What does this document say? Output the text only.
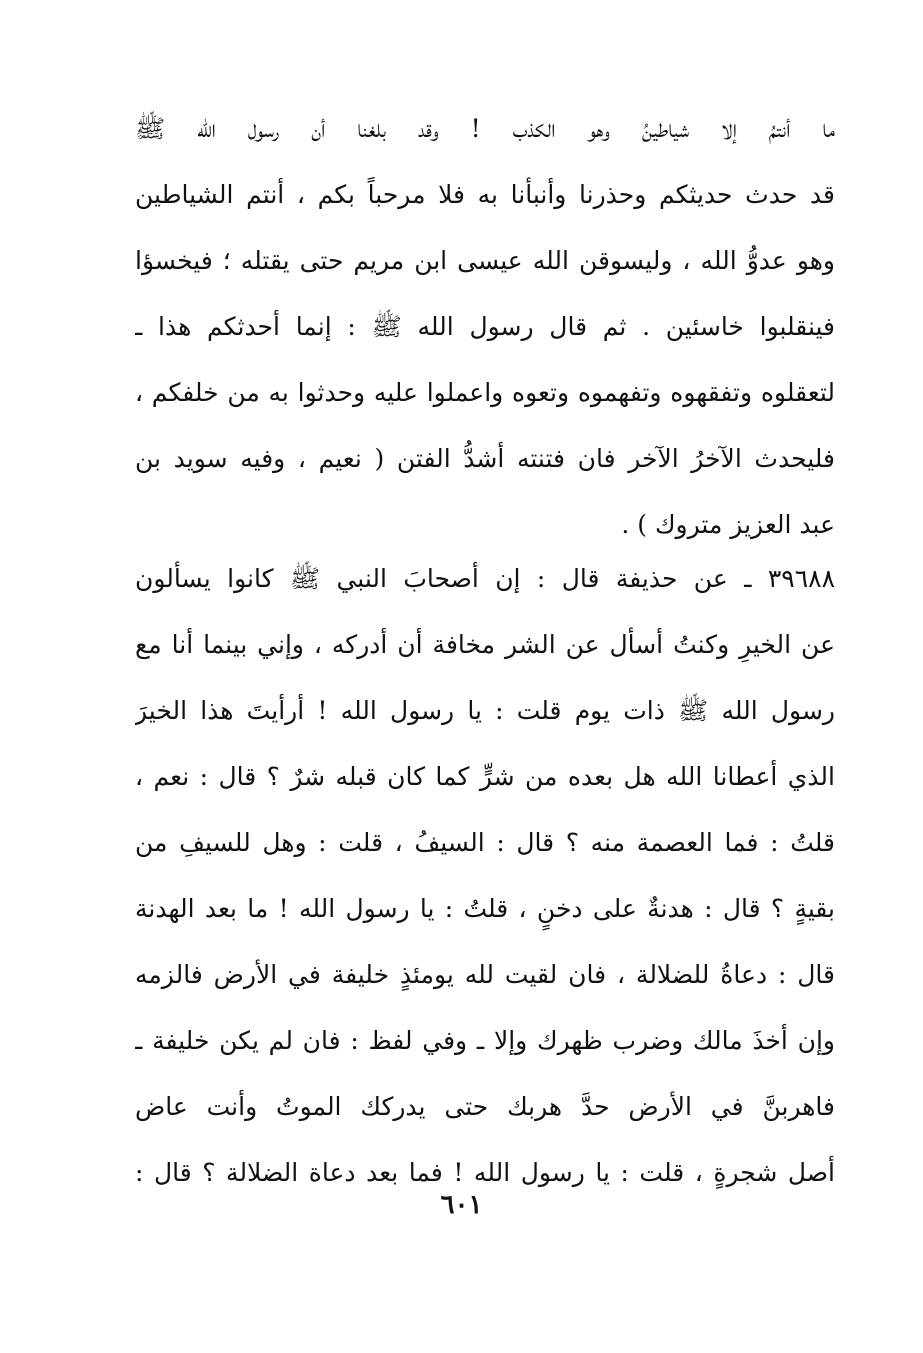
ما أنتمُ إلا شياطينُ وهو الكذب ! وقد بلغنا أن رسول الله ﷺ
قد حدث حديثكم وحذرنا وأنبأنا به فلا مرحباً بكم ، أنتم الشياطين
وهو عدوُّ الله ، وليسوقن الله عيسى ابن مريم حتى يقتله ؛ فيخسؤا
فينقلبوا خاسئين . ثم قال رسول الله ﷺ : إنما أحدثكم هذا ـ
لتعقلوه وتفقهوه وتفهموه وتعوه واعملوا عليه وحدثوا به من خلفكم ،
فليحدث الآخرُ الآخر فان فتنته أشدُّ الفتن ( نعيم ، وفيه سويد بن
عبد العزيز متروك ) .
٣٩٦٨٨ ـ عن حذيفة قال : إن أصحابَ النبي ﷺ كانوا يسألون
عن الخيرِ وكنتُ أسأل عن الشر مخافة أن أدركه ، وإني بينما أنا مع
رسول الله ﷺ ذات يوم قلت : يا رسول الله ! أرأيتَ هذا الخيرَ
الذي أعطانا الله هل بعده من شرٍّ كما كان قبله شرٌ ؟ قال : نعم ،
قلتُ : فما العصمة منه ؟ قال : السيفُ ، قلت : وهل للسيفِ من
بقيةٍ ؟ قال : هدنةٌ على دخنٍ ، قلتُ : يا رسول الله ! ما بعد الهدنة
قال : دعاةُ للضلالة ، فان لقيت لله يومئذٍ خليفة في الأرض فالزمه
وإن أخذَ مالك وضرب ظهرك وإلا ـ وفي لفظ : فان لم يكن خليفة ـ
فاهربنَّ في الأرض حدَّ هربك حتى يدركك الموتُ وأنت عاض
أصل شجرةٍ ، قلت : يا رسول الله ! فما بعد دعاة الضلالة ؟ قال :
٦٠١
